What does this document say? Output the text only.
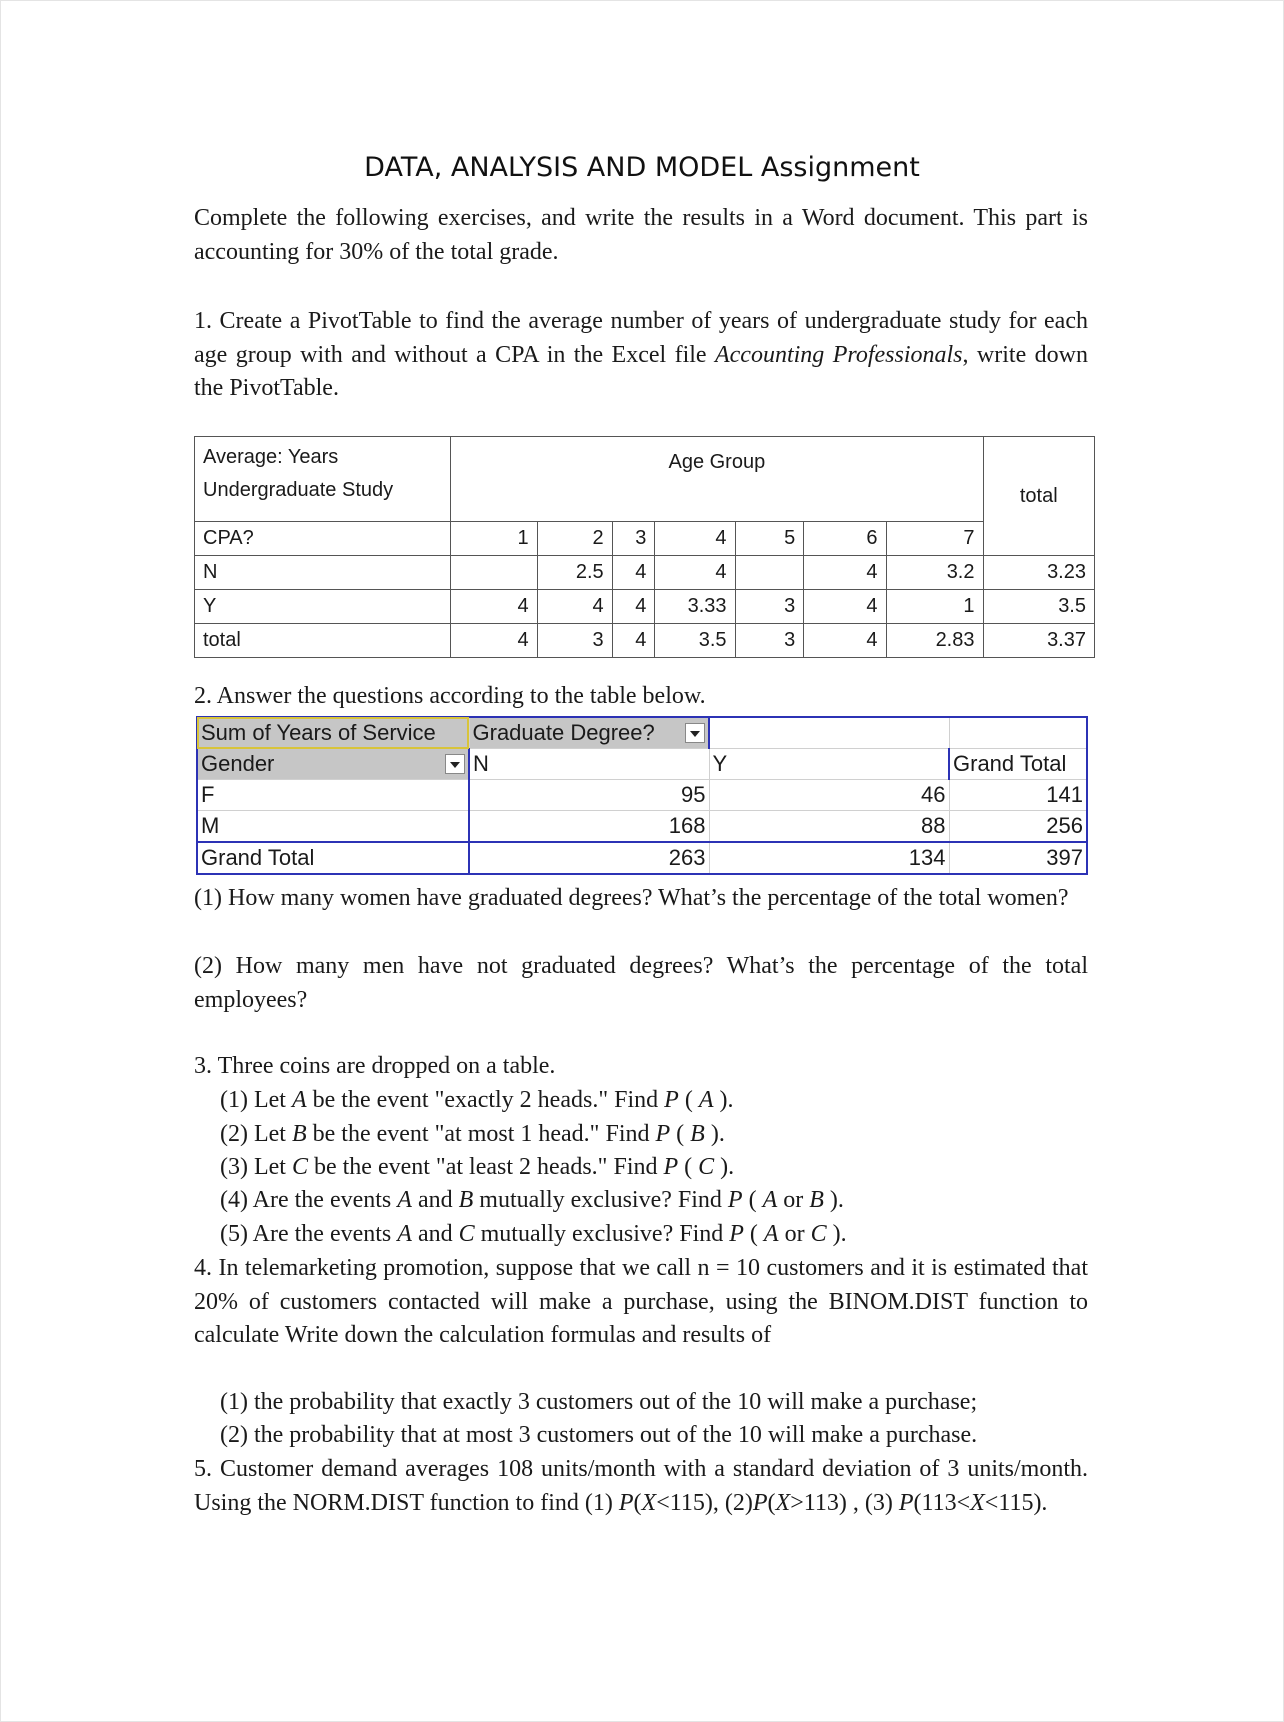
DATA, ANALYSIS AND MODEL Assignment
Complete the following exercises, and write the results in a Word document. This part is accounting for 30% of the total grade.
1. Create a PivotTable to find the average number of years of undergraduate study for each age group with and without a CPA in the Excel file Accounting Professionals, write down the PivotTable.
Average: Years
Undergraduate Study	Age Group							total
CPA?	1	2	3	4	5	6	7	
N		2.5	4	4		4	3.2	3.23
Y	4	4	4	3.33	3	4	1	3.5
total	4	3	4	3.5	3	4	2.83	3.37
2. Answer the questions according to the table below.
Sum of Years of Service	Graduate Degree?		

Gender	N	Y	Grand Total
F	95	46	141
M	168	88	256
Grand Total	263	134	397
(1) How many women have graduated degrees? What’s the percentage of the total women?
(2) How many men have not graduated degrees? What’s the percentage of the total employees?
3. Three coins are dropped on a table.
(1) Let A be the event "exactly 2 heads." Find P ( A ).
(2) Let B be the event "at most 1 head." Find P ( B ).
(3) Let C be the event "at least 2 heads." Find P ( C ).
(4) Are the events A and B mutually exclusive? Find P ( A or B ).
(5) Are the events A and C mutually exclusive? Find P ( A or C ).
4. In telemarketing promotion, suppose that we call n = 10 customers and it is estimated that 20% of customers contacted will make a purchase, using the BINOM.DIST function to calculate Write down the calculation formulas and results of
(1) the probability that exactly 3 customers out of the 10 will make a purchase;
(2) the probability that at most 3 customers out of the 10 will make a purchase.
5. Customer demand averages 108 units/month with a standard deviation of 3 units/month. Using the NORM.DIST function to find (1) P(X<115), (2)P(X>113) , (3) P(113<X<115).
